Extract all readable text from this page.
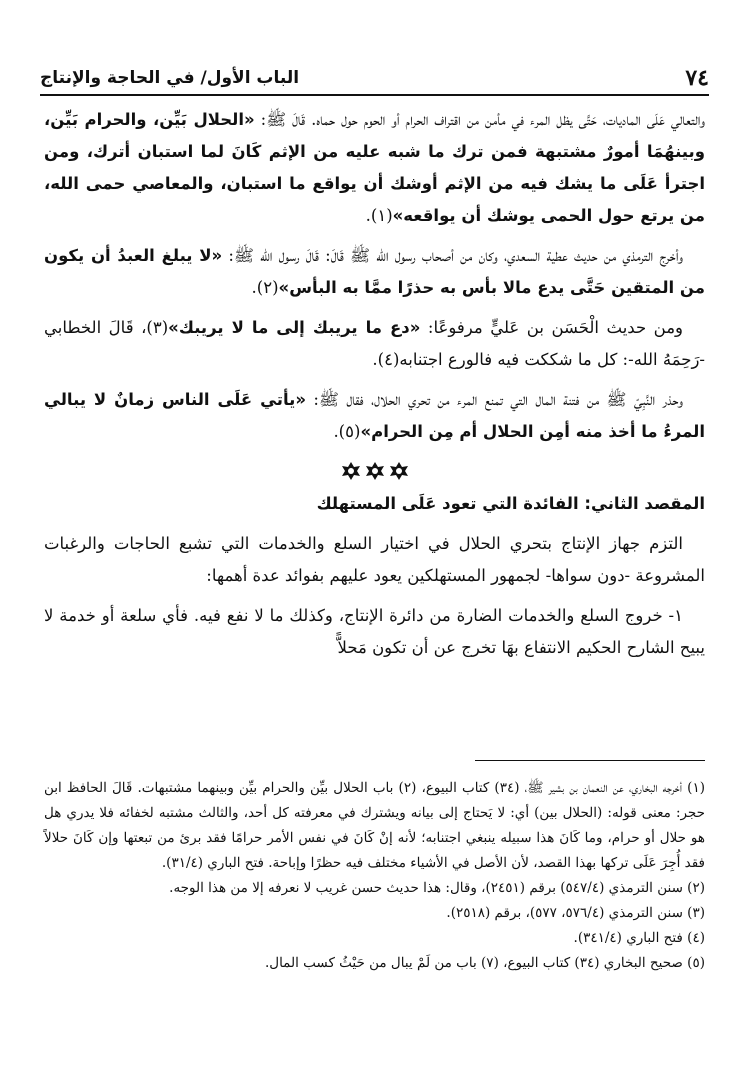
٧٤
الباب الأول/ في الحاجة والإنتاج

والتعالي عَلَى الماديات، حَتَّى يظل المرء في مأمن من اقتراف الحرام أو الحوم حول حماه. قَالَ ﷺ: «الحلال بَيِّن، والحرام بَيِّن، وبينهُمَا أمورٌ مشتبهة فمن ترك ما شبه عليه من الإثم كَانَ لما استبان أترك، ومن اجترأ عَلَى ما يشك فيه من الإثم أوشك أن يواقع ما استبان، والمعاصي حمى الله، من يرتع حول الحمى يوشك أن يواقعه»(١).

وأخرج الترمذي من حديث عطية السعدي، وكان من أصحاب رسول الله ﷺ قَالَ: قَالَ رسول الله ﷺ: «لا يبلغ العبدُ أن يكون من المتقين حَتَّى يدع مالا بأس به حذرًا ممَّا به البأس»(٢).

ومن حديث الْحَسَن بن عَليٍّ مرفوعًا: «دع ما يريبك إلى ما لا يريبك»(٣)، قَالَ الخطابي -رَحِمَهُ الله-: كل ما شككت فيه فالورع اجتنابه(٤).

وحذر النَّبِيّ ﷺ من فتنة المال التي تمنع المرء من تحري الحلال، فقال ﷺ: «يأتي عَلَى الناس زمانٌ لا يبالي المرءُ ما أخذ منه أمِن الحلال أم مِن الحرام»(٥).

المقصد الثاني: الفائدة التي تعود عَلَى المستهلك

التزم جهاز الإنتاج بتحري الحلال في اختيار السلع والخدمات التي تشبع الحاجات والرغبات المشروعة -دون سواها- لجمهور المستهلكين يعود عليهم بفوائد عدة أهمها:

١- خروج السلع والخدمات الضارة من دائرة الإنتاج، وكذلك ما لا نفع فيه. فأي سلعة أو خدمة لا يبيح الشارح الحكيم الانتفاع بهَا تخرج عن أن تكون مَحلاًّ

(١) أخرجه البخاري، عن النعمان بن بشير ﷺ، (٣٤) كتاب البيوع، (٢) باب الحلال بيِّن والحرام بيِّن وبينهما مشتبهات. قَالَ الحافظ ابن حجر: معنى قوله: (الحلال بين) أي: لا يَحتاج إلى بيانه ويشترك في معرفته كل أحد، والثالث مشتبه لخفائه فلا يدري هل هو حلال أو حرام، وما كَانَ هذا سبيله ينبغي اجتنابه؛ لأنه إنْ كَانَ في نفس الأمر حرامًا فقد برئ من تبعتها وإن كَانَ حلالاً فقد أُجِرَ عَلَى تركها بهذا القصد، لأن الأصل في الأشياء مختلف فيه حظرًا وإباحة. فتح الباري (٣١/٤).

(٢) سنن الترمذي (٥٤٧/٤) برقم (٢٤٥١)، وقال: هذا حديث حسن غريب لا نعرفه إلا من هذا الوجه.

(٣) سنن الترمذي (٥٧٦/٤، ٥٧٧)، برقم (٢٥١٨).

(٤) فتح الباري (٣٤١/٤).

(٥) صحيح البخاري (٣٤) كتاب البيوع، (٧) باب من لَمْ يبال من حَيْثُ كسب المال.
